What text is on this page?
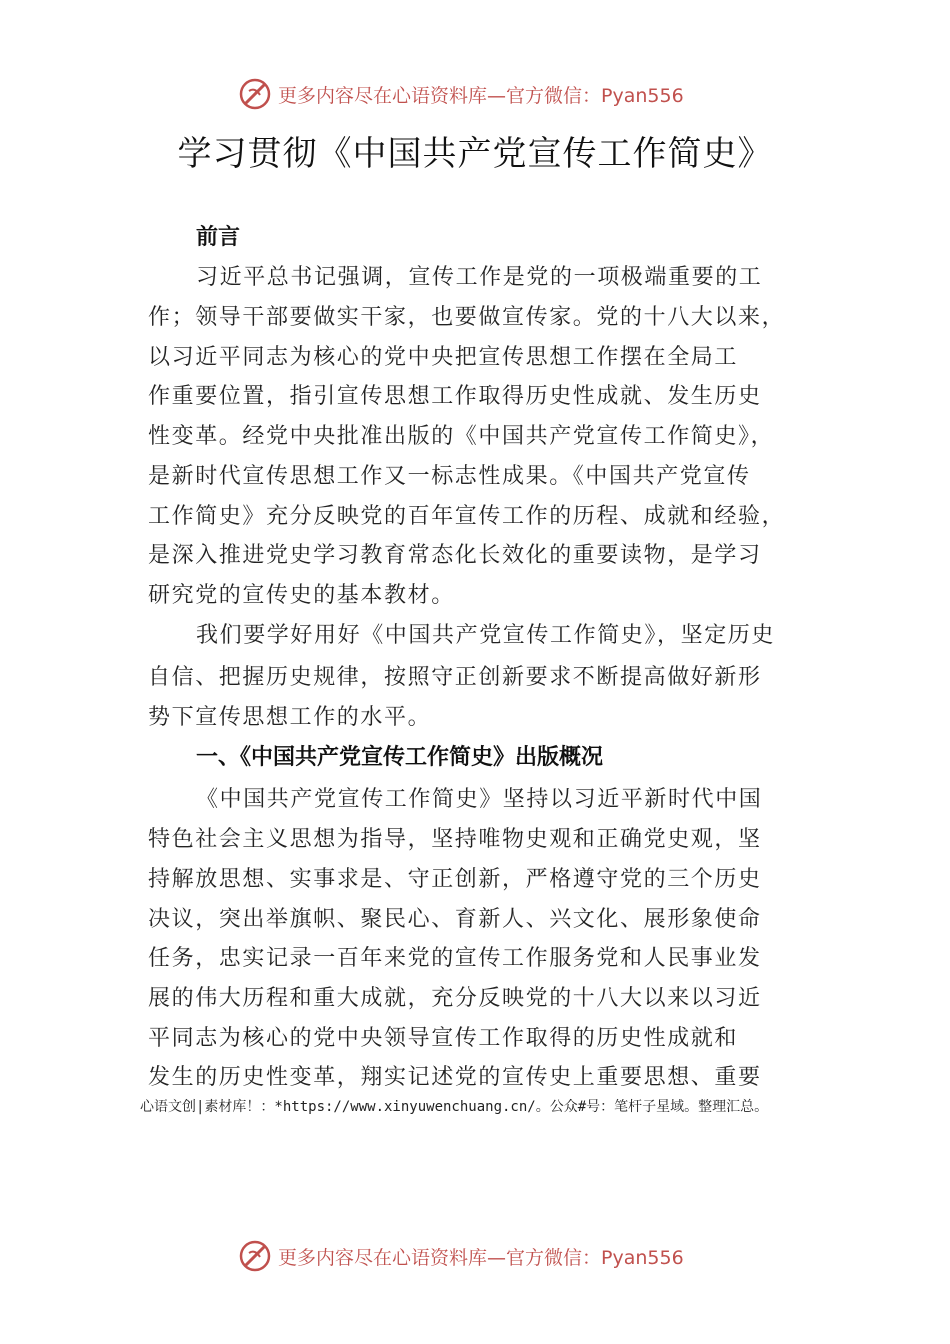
更多内容尽在心语资料库—官方微信：Pyan556
学习贯彻《中国共产党宣传工作简史》
前言
习近平总书记强调，宣传工作是党的一项极端重要的工
作；领导干部要做实干家，也要做宣传家。党的十八大以来，
以习近平同志为核心的党中央把宣传思想工作摆在全局工
作重要位置，指引宣传思想工作取得历史性成就、发生历史
性变革。经党中央批准出版的《中国共产党宣传工作简史》，
是新时代宣传思想工作又一标志性成果。《中国共产党宣传
工作简史》充分反映党的百年宣传工作的历程、成就和经验，
是深入推进党史学习教育常态化长效化的重要读物，是学习
研究党的宣传史的基本教材。
我们要学好用好《中国共产党宣传工作简史》，坚定历史
自信、把握历史规律，按照守正创新要求不断提高做好新形
势下宣传思想工作的水平。
一、《中国共产党宣传工作简史》出版概况
《中国共产党宣传工作简史》坚持以习近平新时代中国
特色社会主义思想为指导，坚持唯物史观和正确党史观，坚
持解放思想、实事求是、守正创新，严格遵守党的三个历史
决议，突出举旗帜、聚民心、育新人、兴文化、展形象使命
任务，忠实记录一百年来党的宣传工作服务党和人民事业发
展的伟大历程和重大成就，充分反映党的十八大以来以习近
平同志为核心的党中央领导宣传工作取得的历史性成就和
发生的历史性变革，翔实记述党的宣传史上重要思想、重要
心语文创|素材库！：*https://www.xinyuwenchuang.cn/。公众#号：笔杆子星域。整理汇总。
更多内容尽在心语资料库—官方微信：Pyan556
